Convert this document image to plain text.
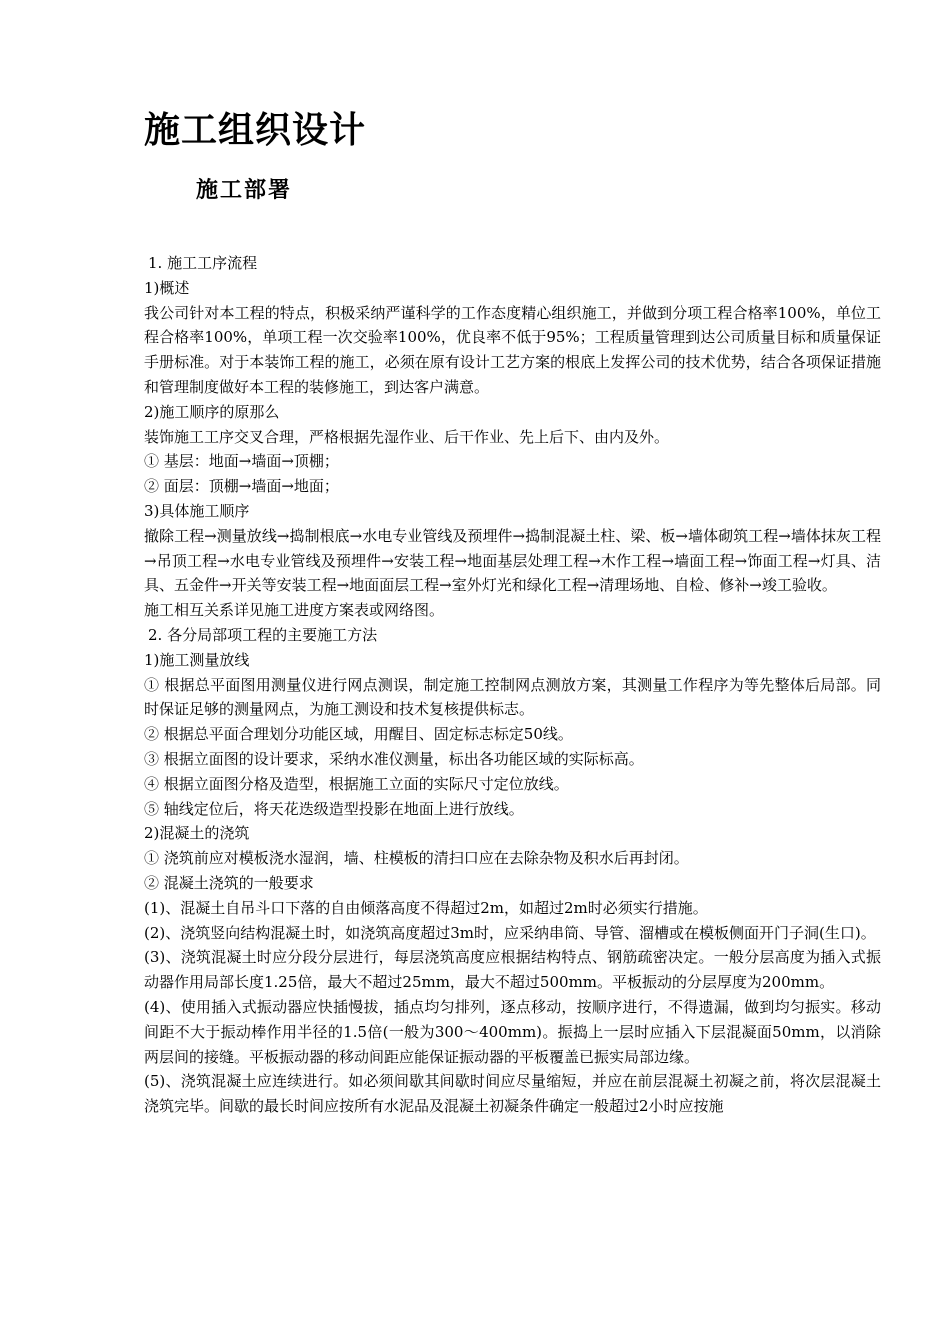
施工组织设计
施工部署

1. 施工工序流程

1)概述

我公司针对本工程的特点，积极采纳严谨科学的工作态度精心组织施工，并做到分项工程合格率100%，单位工程合格率100%，单项工程一次交验率100%，优良率不低于95%；工程质量管理到达公司质量目标和质量保证手册标准。对于本装饰工程的施工，必须在原有设计工艺方案的根底上发挥公司的技术优势，结合各项保证措施和管理制度做好本工程的装修施工，到达客户满意。

2)施工顺序的原那么

装饰施工工序交叉合理，严格根据先湿作业、后干作业、先上后下、由内及外。

① 基层：地面→墙面→顶棚；

② 面层：顶棚→墙面→地面；

3)具体施工顺序

撤除工程→测量放线→捣制根底→水电专业管线及预埋件→捣制混凝土柱、梁、板→墙体砌筑工程→墙体抹灰工程→吊顶工程→水电专业管线及预埋件→安装工程→地面基层处理工程→木作工程→墙面工程→饰面工程→灯具、洁具、五金件→开关等安装工程→地面面层工程→室外灯光和绿化工程→清理场地、自检、修补→竣工验收。

施工相互关系详见施工进度方案表或网络图。

2. 各分局部项工程的主要施工方法

1)施工测量放线

① 根据总平面图用测量仪进行网点测误，制定施工控制网点测放方案，其测量工作程序为等先整体后局部。同时保证足够的测量网点，为施工测设和技术复核提供标志。

② 根据总平面合理划分功能区域，用醒目、固定标志标定50线。

③ 根据立面图的设计要求，采纳水准仪测量，标出各功能区域的实际标高。

④ 根据立面图分格及造型，根据施工立面的实际尺寸定位放线。

⑤ 轴线定位后，将天花迭级造型投影在地面上进行放线。

2)混凝土的浇筑

① 浇筑前应对模板浇水湿润，墙、柱模板的清扫口应在去除杂物及积水后再封闭。

② 混凝土浇筑的一般要求

(1)、混凝土自吊斗口下落的自由倾落高度不得超过2m，如超过2m时必须实行措施。

(2)、浇筑竖向结构混凝土时，如浇筑高度超过3m时，应采纳串筒、导管、溜槽或在模板侧面开门子洞(生口)。

(3)、浇筑混凝土时应分段分层进行，每层浇筑高度应根据结构特点、钢筋疏密决定。一般分层高度为插入式振动器作用局部长度1.25倍，最大不超过25mm，最大不超过500mm。平板振动的分层厚度为200mm。

(4)、使用插入式振动器应快插慢拔，插点均匀排列，逐点移动，按顺序进行，不得遗漏，做到均匀振实。移动间距不大于振动棒作用半径的1.5倍(一般为300～400mm)。振捣上一层时应插入下层混凝面50mm，以消除两层间的接缝。平板振动器的移动间距应能保证振动器的平板覆盖已振实局部边缘。

(5)、浇筑混凝土应连续进行。如必须间歇其间歇时间应尽量缩短，并应在前层混凝土初凝之前，将次层混凝土浇筑完毕。间歇的最长时间应按所有水泥品及混凝土初凝条件确定一般超过2小时应按施
